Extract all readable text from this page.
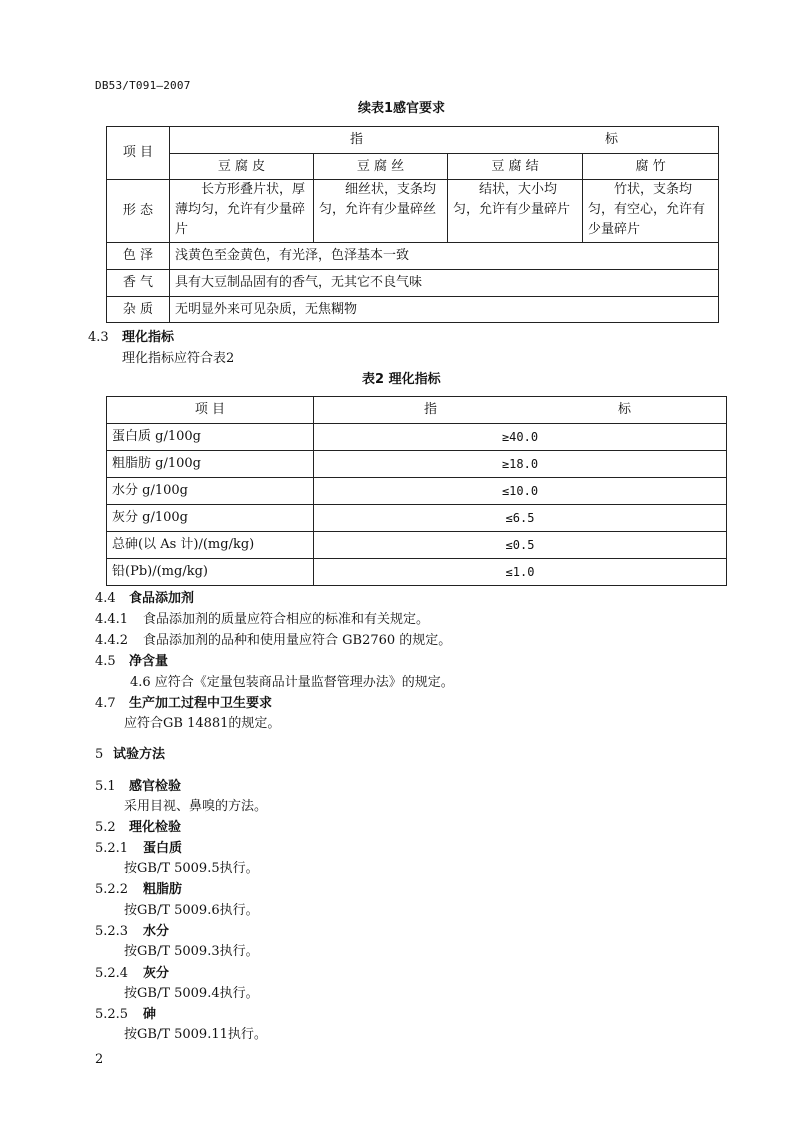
DB53/T091—2007
续表1感官要求
项 目	指 标			

	豆 腐 皮	豆 腐 丝	豆 腐 结	腐 竹
形 态	长方形叠片状，厚薄均匀，允许有少量碎片	细丝状，支条均匀，允许有少量碎丝	结状，大小均匀，允许有少量碎片	竹状，支条均匀，有空心，允许有少量碎片
色 泽	浅黄色至金黄色，有光泽，色泽基本一致			
香 气	具有大豆制品固有的香气，无其它不良气味			
杂 质	无明显外来可见杂质，无焦糊物			
4.3 理化指标
理化指标应符合表2
表2 理化指标
项 目	指 标

蛋白质 g/100g	≥40.0
粗脂肪 g/100g	≥18.0
水分 g/100g	≤10.0
灰分 g/100g	≤6.5
总砷(以 As 计)/(mg/kg)	≤0.5
铅(Pb)/(mg/kg)	≤1.0
4.4 食品添加剂
4.4.1 食品添加剂的质量应符合相应的标准和有关规定。
4.4.2 食品添加剂的品种和使用量应符合 GB2760 的规定。
4.5 净含量
4.6 应符合《定量包装商品计量监督管理办法》的规定。
4.7 生产加工过程中卫生要求
应符合GB 14881的规定。
5 试验方法
5.1 感官检验
采用目视、鼻嗅的方法。
5.2 理化检验
5.2.1 蛋白质
按GB/T 5009.5执行。
5.2.2 粗脂肪
按GB/T 5009.6执行。
5.2.3 水分
按GB/T 5009.3执行。
5.2.4 灰分
按GB/T 5009.4执行。
5.2.5 砷
按GB/T 5009.11执行。
2
